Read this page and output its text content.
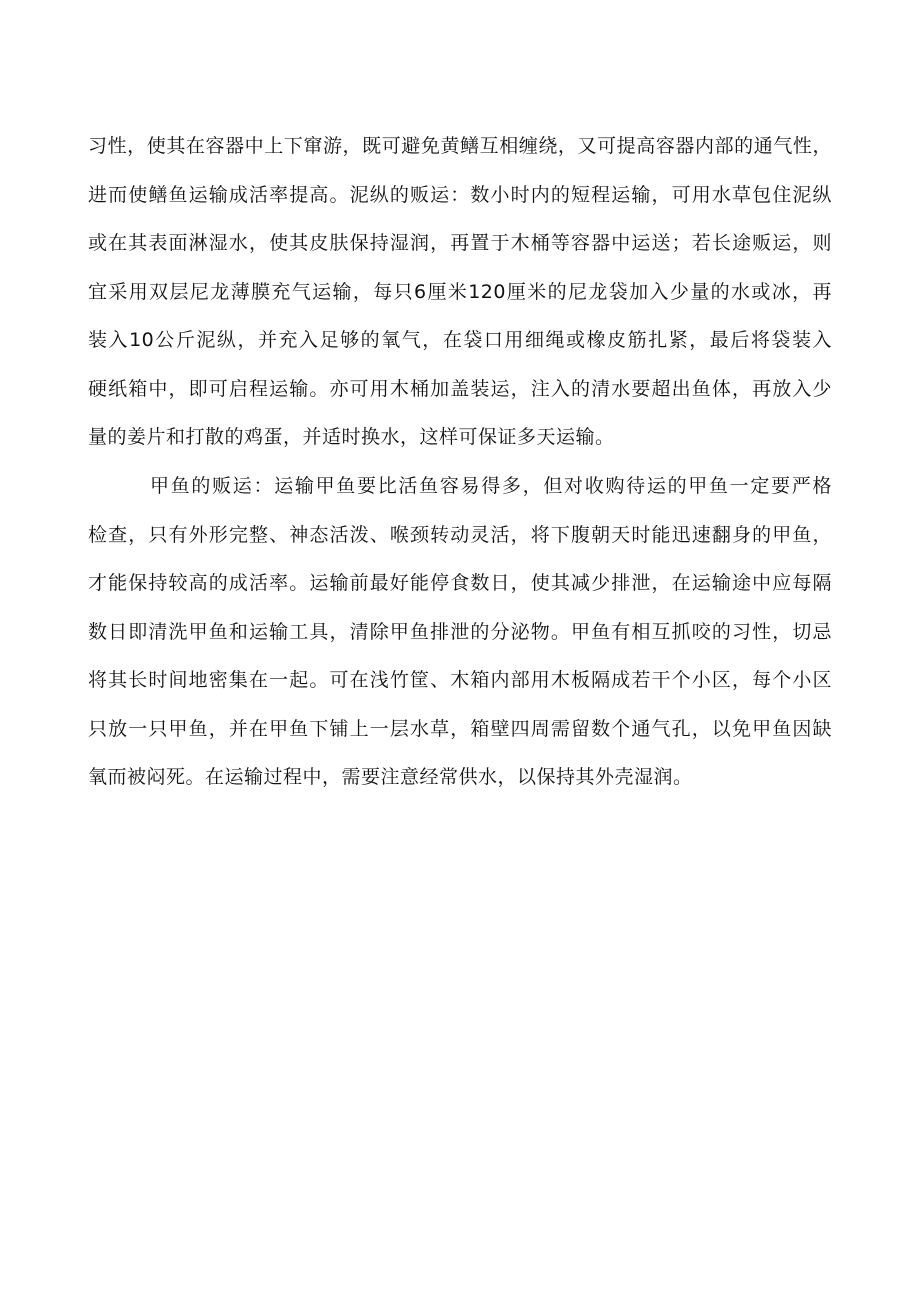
习性，使其在容器中上下窜游，既可避免黄鳝互相缠绕，又可提高容器内部的通气性，
进而使鳝鱼运输成活率提高。泥纵的贩运：数小时内的短程运输，可用水草包住泥纵
或在其表面淋湿水，使其皮肤保持湿润，再置于木桶等容器中运送；若长途贩运，则
宜采用双层尼龙薄膜充气运输，每只6厘米120厘米的尼龙袋加入少量的水或冰，再
装入10公斤泥纵，并充入足够的氧气，在袋口用细绳或橡皮筋扎紧，最后将袋装入
硬纸箱中，即可启程运输。亦可用木桶加盖装运，注入的清水要超出鱼体，再放入少
量的姜片和打散的鸡蛋，并适时换水，这样可保证多天运输。
甲鱼的贩运：运输甲鱼要比活鱼容易得多，但对收购待运的甲鱼一定要严格
检查，只有外形完整、神态活泼、喉颈转动灵活，将下腹朝天时能迅速翻身的甲鱼，
才能保持较高的成活率。运输前最好能停食数日，使其减少排泄，在运输途中应每隔
数日即清洗甲鱼和运输工具，清除甲鱼排泄的分泌物。甲鱼有相互抓咬的习性，切忌
将其长时间地密集在一起。可在浅竹筐、木箱内部用木板隔成若干个小区，每个小区
只放一只甲鱼，并在甲鱼下铺上一层水草，箱壁四周需留数个通气孔，以免甲鱼因缺
氧而被闷死。在运输过程中，需要注意经常供水，以保持其外壳湿润。
